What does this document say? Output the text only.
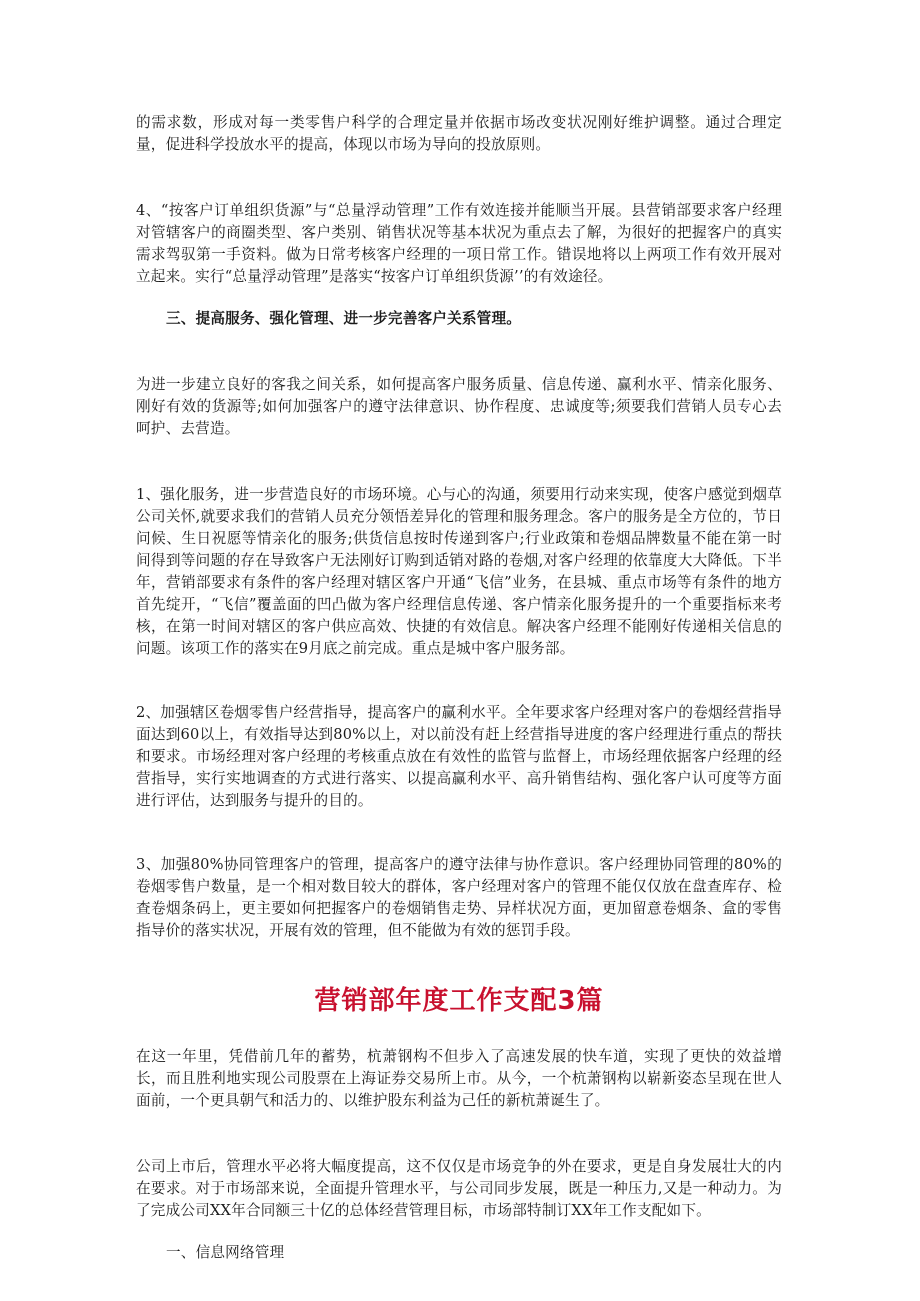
的需求数，形成对每一类零售户科学的合理定量并依据市场改变状况刚好维护调整。通过合理定量，促进科学投放水平的提高，体现以市场为导向的投放原则。

4、“按客户订单组织货源”与“总量浮动管理”工作有效连接并能顺当开展。县营销部要求客户经理对管辖客户的商圈类型、客户类别、销售状况等基本状况为重点去了解，为很好的把握客户的真实需求驾驭第一手资料。做为日常考核客户经理的一项日常工作。错误地将以上两项工作有效开展对立起来。实行“总量浮动管理”是落实“按客户订单组织货源’’的有效途径。

三、提高服务、强化管理、进一步完善客户关系管理。

为进一步建立良好的客我之间关系，如何提高客户服务质量、信息传递、赢利水平、情亲化服务、刚好有效的货源等;如何加强客户的遵守法律意识、协作程度、忠诚度等;须要我们营销人员专心去呵护、去营造。

1、强化服务，进一步营造良好的市场环境。心与心的沟通，须要用行动来实现，使客户感觉到烟草公司关怀,就要求我们的营销人员充分领悟差异化的管理和服务理念。客户的服务是全方位的，节日问候、生日祝愿等情亲化的服务;供货信息按时传递到客户;行业政策和卷烟品牌数量不能在第一时间得到等问题的存在导致客户无法刚好订购到适销对路的卷烟,对客户经理的依靠度大大降低。下半年，营销部要求有条件的客户经理对辖区客户开通“飞信”业务，在县城、重点市场等有条件的地方首先绽开，“飞信”覆盖面的凹凸做为客户经理信息传递、客户情亲化服务提升的一个重要指标来考核，在第一时间对辖区的客户供应高效、快捷的有效信息。解决客户经理不能刚好传递相关信息的问题。该项工作的落实在9月底之前完成。重点是城中客户服务部。

2、加强辖区卷烟零售户经营指导，提高客户的赢利水平。全年要求客户经理对客户的卷烟经营指导面达到60以上，有效指导达到80%以上，对以前没有赶上经营指导进度的客户经理进行重点的帮扶和要求。市场经理对客户经理的考核重点放在有效性的监管与监督上，市场经理依据客户经理的经营指导，实行实地调查的方式进行落实、以提高赢利水平、高升销售结构、强化客户认可度等方面进行评估，达到服务与提升的目的。

3、加强80%协同管理客户的管理，提高客户的遵守法律与协作意识。客户经理协同管理的80%的卷烟零售户数量，是一个相对数目较大的群体，客户经理对客户的管理不能仅仅放在盘查库存、检查卷烟条码上，更主要如何把握客户的卷烟销售走势、异样状况方面，更加留意卷烟条、盒的零售指导价的落实状况，开展有效的管理，但不能做为有效的惩罚手段。

营销部年度工作支配3篇

在这一年里，凭借前几年的蓄势，杭萧钢构不但步入了高速发展的快车道，实现了更快的效益增长，而且胜利地实现公司股票在上海证券交易所上市。从今，一个杭萧钢构以崭新姿态呈现在世人面前，一个更具朝气和活力的、以维护股东利益为己任的新杭萧诞生了。

公司上市后，管理水平必将大幅度提高，这不仅仅是市场竞争的外在要求，更是自身发展壮大的内在要求。对于市场部来说，全面提升管理水平，与公司同步发展，既是一种压力,又是一种动力。为了完成公司XX年合同额三十亿的总体经营管理目标，市场部特制订XX年工作支配如下。

一、信息网络管理
